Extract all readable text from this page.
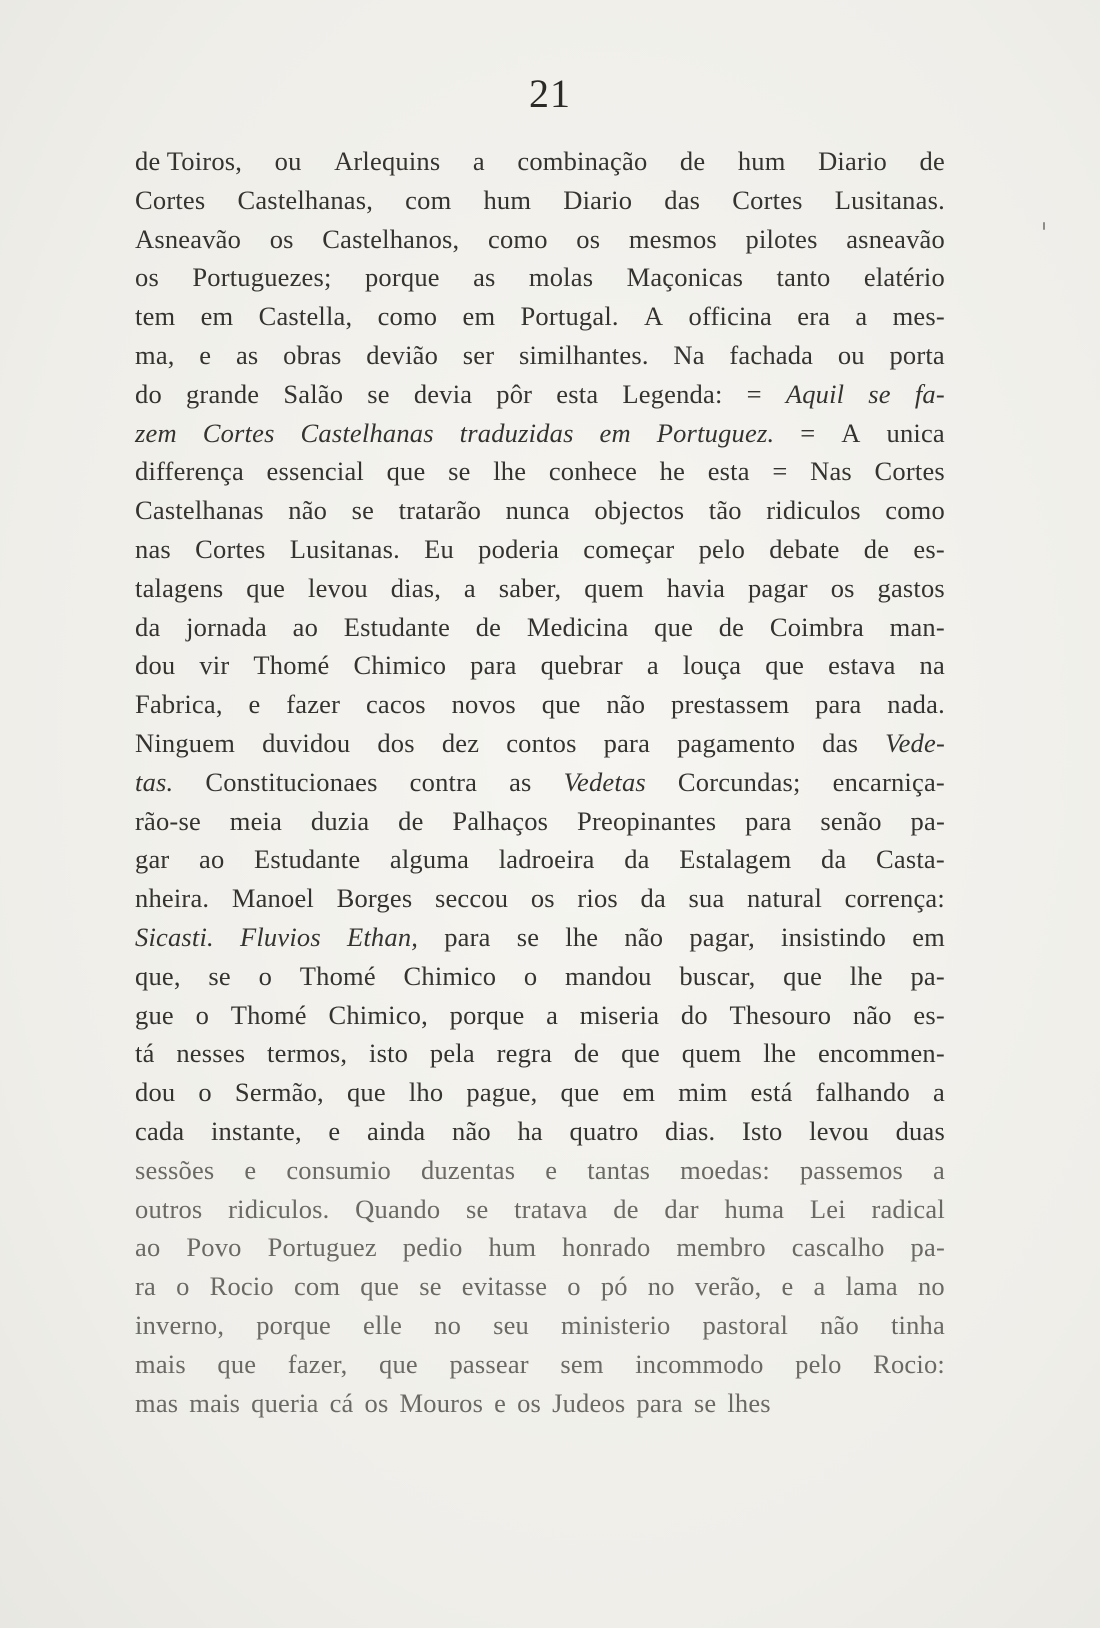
21
de Toiros, ou Arlequins a combinação de hum Diario de
Cortes Castelhanas, com hum Diario das Cortes Lusitanas.
Asneavão os Castelhanos, como os mesmos pilotes asneavão
os Portuguezes; porque as molas Maçonicas tanto elatério
tem em Castella, como em Portugal. A officina era a mes-
ma, e as obras devião ser similhantes. Na fachada ou porta
do grande Salão se devia pôr esta Legenda: = Aquil se fa-
zem Cortes Castelhanas traduzidas em Portuguez. = A unica
differença essencial que se lhe conhece he esta = Nas Cortes
Castelhanas não se tratarão nunca objectos tão ridiculos como
nas Cortes Lusitanas. Eu poderia começar pelo debate de es-
talagens que levou dias, a saber, quem havia pagar os gastos
da jornada ao Estudante de Medicina que de Coimbra man-
dou vir Thomé Chimico para quebrar a louça que estava na
Fabrica, e fazer cacos novos que não prestassem para nada.
Ninguem duvidou dos dez contos para pagamento das Vede-
tas. Constitucionaes contra as Vedetas Corcundas; encarniça-
rão-se meia duzia de Palhaços Preopinantes para senão pa-
gar ao Estudante alguma ladroeira da Estalagem da Casta-
nheira. Manoel Borges seccou os rios da sua natural corrença:
Sicasti. Fluvios Ethan, para se lhe não pagar, insistindo em
que, se o Thomé Chimico o mandou buscar, que lhe pa-
gue o Thomé Chimico, porque a miseria do Thesouro não es-
tá nesses termos, isto pela regra de que quem lhe encommen-
dou o Sermão, que lho pague, que em mim está falhando a
cada instante, e ainda não ha quatro dias. Isto levou duas
sessões e consumio duzentas e tantas moedas: passemos a
outros ridiculos. Quando se tratava de dar huma Lei radical
ao Povo Portuguez pedio hum honrado membro cascalho pa-
ra o Rocio com que se evitasse o pó no verão, e a lama no
inverno, porque elle no seu ministerio pastoral não tinha
mais que fazer, que passear sem incommodo pelo Rocio:
mas mais queria cá os Mouros e os Judeos para se lhes
